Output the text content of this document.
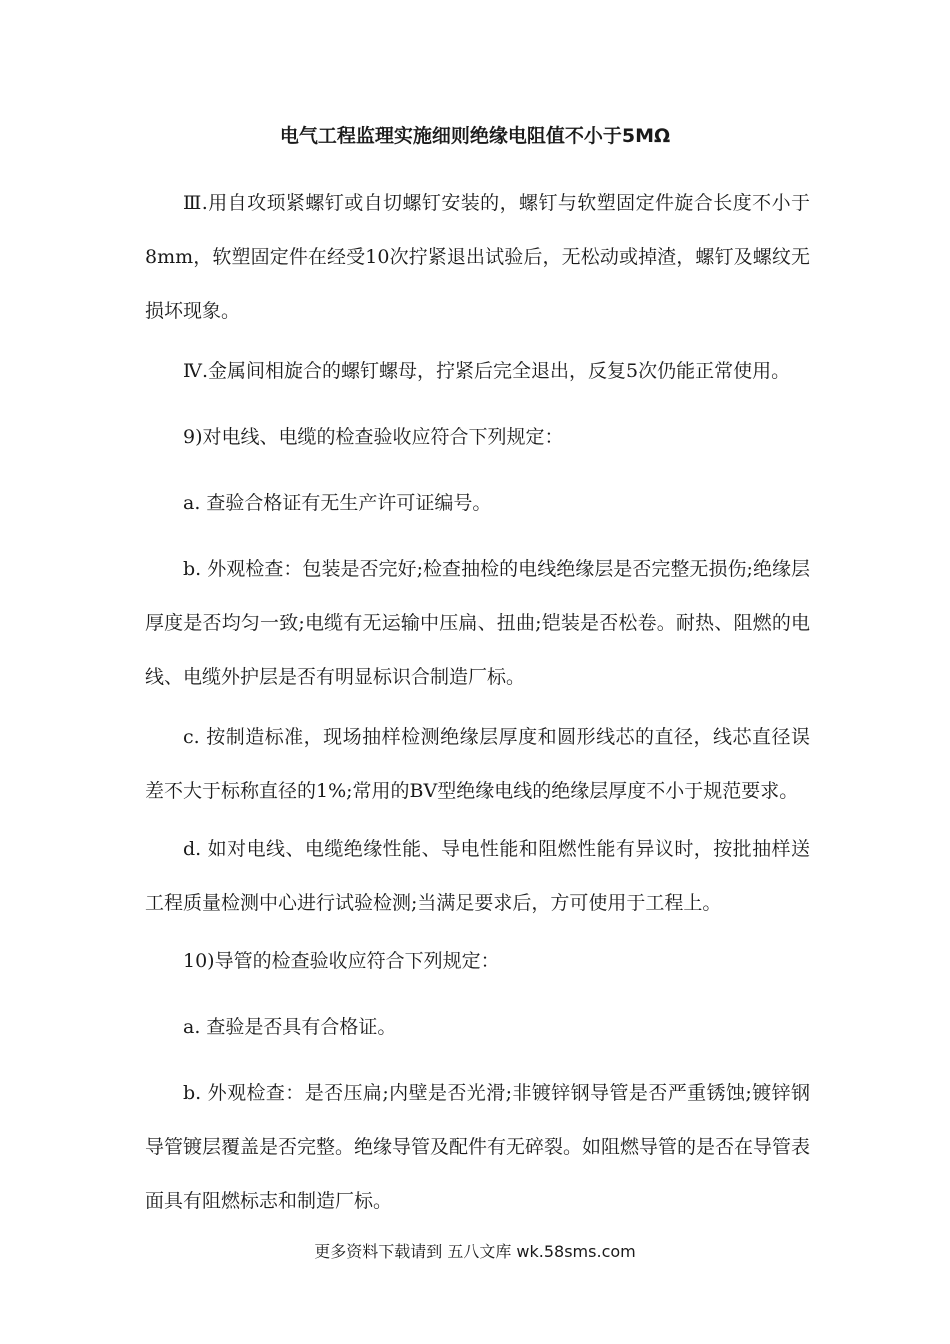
电气工程监理实施细则绝缘电阻值不小于5MΩ

Ⅲ.用自攻顼紧螺钉或自切螺钉安装的，螺钉与软塑固定件旋合长度不小于8mm，软塑固定件在经受10次拧紧退出试验后，无松动或掉渣，螺钉及螺纹无损坏现象。

Ⅳ.金属间相旋合的螺钉螺母，拧紧后完全退出，反复5次仍能正常使用。

9)对电线、电缆的检查验收应符合下列规定：

a. 查验合格证有无生产许可证编号。

b. 外观检查：包装是否完好;检查抽检的电线绝缘层是否完整无损伤;绝缘层厚度是否均匀一致;电缆有无运输中压扁、扭曲;铠装是否松卷。耐热、阻燃的电线、电缆外护层是否有明显标识合制造厂标。

c. 按制造标准，现场抽样检测绝缘层厚度和圆形线芯的直径，线芯直径误差不大于标称直径的1%;常用的BV型绝缘电线的绝缘层厚度不小于规范要求。

d. 如对电线、电缆绝缘性能、导电性能和阻燃性能有异议时，按批抽样送工程质量检测中心进行试验检测;当满足要求后，方可使用于工程上。

10)导管的检查验收应符合下列规定：

a. 查验是否具有合格证。

b. 外观检查：是否压扁;内壁是否光滑;非镀锌钢导管是否严重锈蚀;镀锌钢导管镀层覆盖是否完整。绝缘导管及配件有无碎裂。如阻燃导管的是否在导管表面具有阻燃标志和制造厂标。

更多资料下载请到 五八文库 wk.58sms.com
